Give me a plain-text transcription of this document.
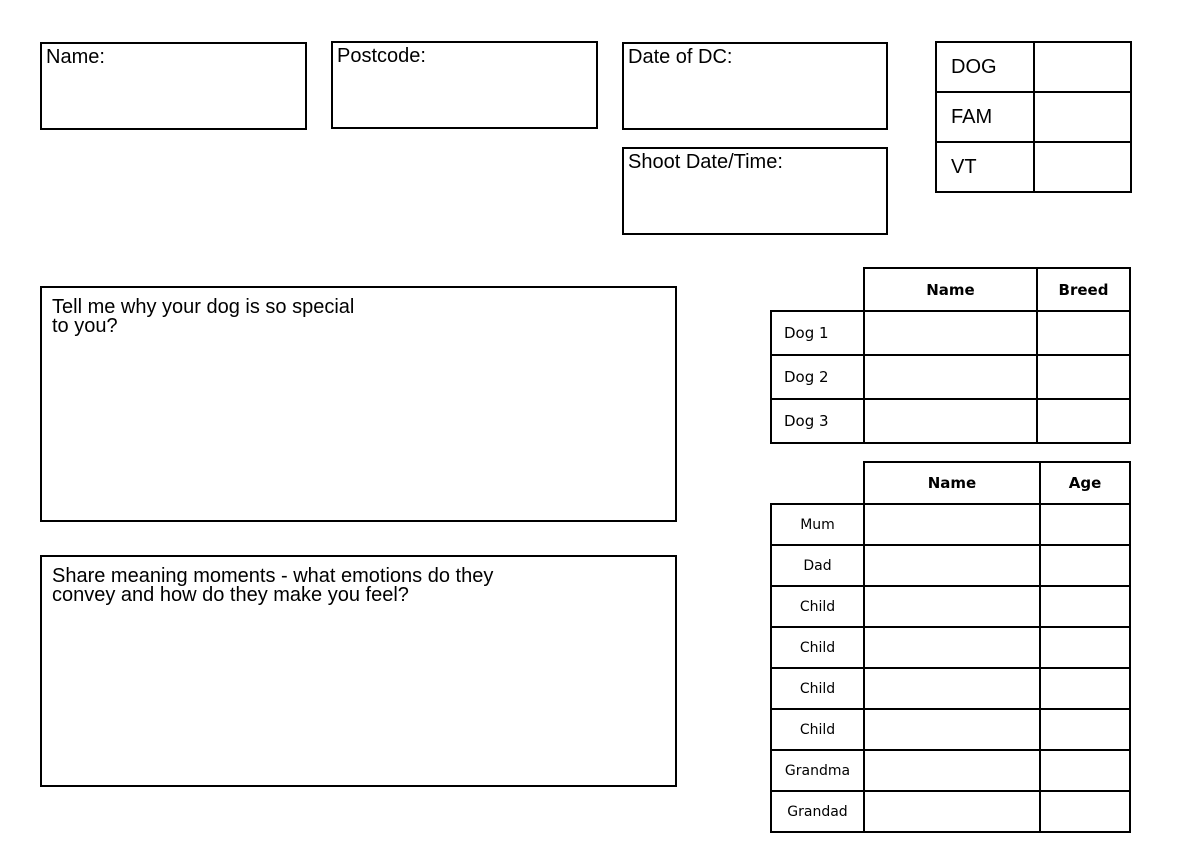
Name:	Postcode:	Date of DC:
Shoot Date/Time:
DOG	
FAM	
VT	
Tell me why your dog is so special
to you?
Share meaning moments - what emotions do they
convey and how do they make you feel?
	Name	Breed
Dog 1		
Dog 2		
Dog 3		
	Name	Age
Mum		
Dad		
Child		
Child		
Child		
Child		
Grandma		
Grandad		
